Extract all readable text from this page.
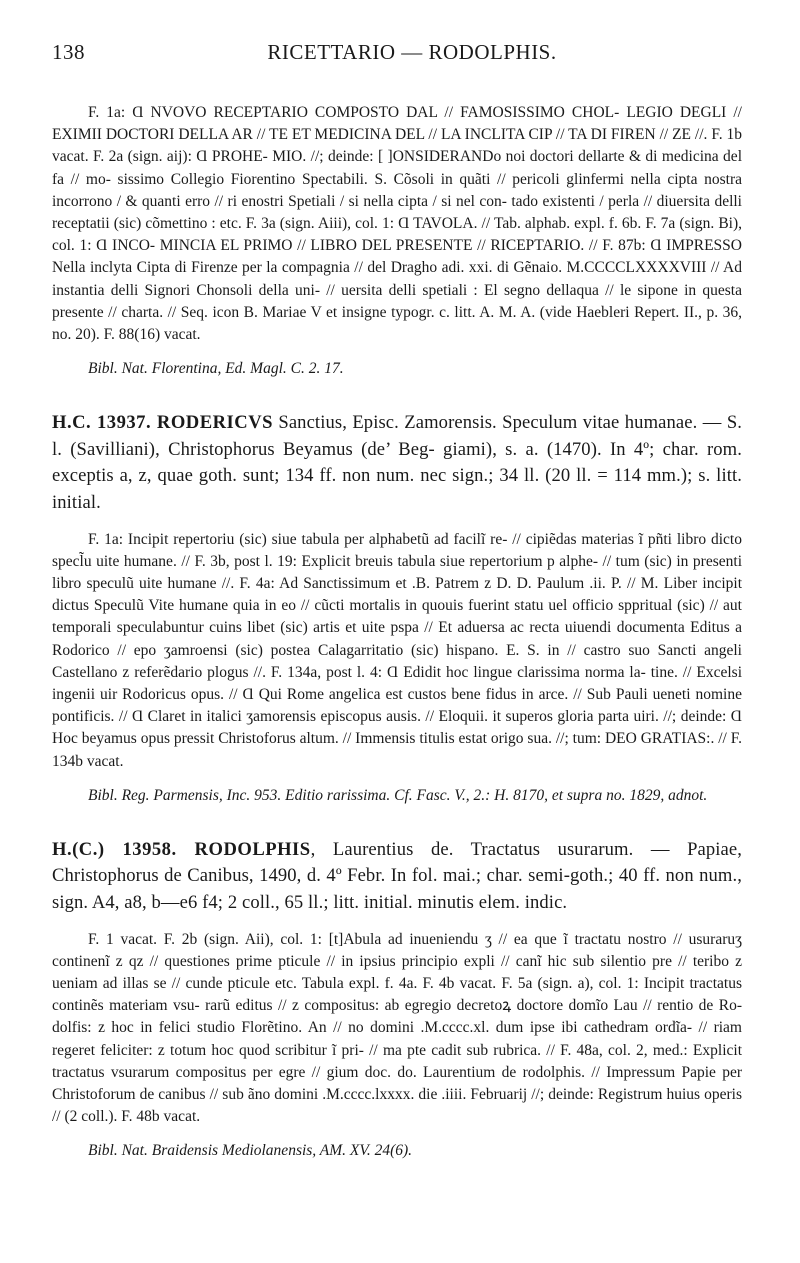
138	RICETTARIO — RODOLPHIS.

F. 1a: Ɑ NVOVO RECEPTARIO COMPOSTO DAL // FAMOSISSIMO CHOL- LEGIO DEGLI // EXIMII DOCTORI DELLA AR // TE ET MEDICINA DEL // LA INCLITA CIP // TA DI FIREN // ZE //. F. 1b vacat. F. 2a (sign. aij): Ɑ PROHE- MIO. //; deinde: [ ]ONSIDERANDo noi doctori dellarte & di medicina del fa // mo- sissimo Collegio Fiorentino Spectabili. S. Cõsoli in quãti // pericoli glinfermi nella cipta nostra incorrono / & quanti erro // ri enostri Spetiali / si nella cipta / si nel con- tado existenti / perla // diuersita delli receptatii (sic) cõmettino : etc. F. 3a (sign. Aiii), col. 1: Ɑ TAVOLA. // Tab. alphab. expl. f. 6b. F. 7a (sign. Bi), col. 1: Ɑ INCO- MINCIA EL PRIMO // LIBRO DEL PRESENTE // RICEPTARIO. // F. 87b: Ɑ IMPRESSO Nella inclyta Cipta di Firenze per la compagnia // del Dragho adi. xxi. di Gẽnaio. M.CCCCLXXXXVIII // Ad instantia delli Signori Chonsoli della uni- // uersita delli spetiali : El segno dellaqua // le sipone in questa presente // charta. // Seq. icon B. Mariae V et insigne typogr. c. litt. A. M. A. (vide Haebleri Repert. II., p. 36, no. 20). F. 88(16) vacat.

Bibl. Nat. Florentina, Ed. Magl. C. 2. 17.

H.C. 13937. RODERICVS Sanctius, Episc. Zamorensis. Speculum vitae humanae. — S. l. (Savilliani), Christophorus Beyamus (de’ Beg- giami), s. a. (1470). In 4º; char. rom. exceptis a, z, quae goth. sunt; 134 ff. non num. nec sign.; 34 ll. (20 ll. = 114 mm.); s. litt. initial.

F. 1a: Incipit repertoriu (sic) siue tabula per alphabetũ ad facilĩ re- // cipiẽdas materias ĩ pñti libro dicto specl̃u uite humane. // F. 3b, post l. 19: Explicit breuis tabula siue repertorium p alphe- // tum (sic) in presenti libro speculũ uite humane //. F. 4a: Ad Sanctissimum et .B. Patrem z D. D. Paulum .ii. P. // M. Liber incipit dictus Speculũ Vite humane quia in eo // cũcti mortalis in quouis fuerint statu uel officio sppritual (sic) // aut temporali speculabuntur cuins libet (sic) artis et uite pspa // Et aduersa ac recta uiuendi documenta Editus a Rodorico // epo ʒamroensi (sic) postea Calagarritatio (sic) hispano. E. S. in // castro suo Sancti angeli Castellano z referẽdario plogus //. F. 134a, post l. 4: Ɑ Edidit hoc lingue clarissima norma la- tine. // Excelsi ingenii uir Rodoricus opus. // Ɑ Qui Rome angelica est custos bene fidus in arce. // Sub Pauli ueneti nomine pontificis. // Ɑ Claret in italici ʒamorensis episcopus ausis. // Eloquii. it superos gloria parta uiri. //; deinde: Ɑ Hoc beyamus opus pressit Christoforus altum. // Immensis titulis estat origo sua. //; tum: DEO GRATIAS:. // F. 134b vacat.

Bibl. Reg. Parmensis, Inc. 953. Editio rarissima. Cf. Fasc. V., 2.: H. 8170, et supra no. 1829, adnot.

H.(C.) 13958. RODOLPHIS, Laurentius de. Tractatus usurarum. — Papiae, Christophorus de Canibus, 1490, d. 4º Febr. In fol. mai.; char. semi-goth.; 40 ff. non num., sign. A4, a8, b—e6 f4; 2 coll., 65 ll.; litt. initial. minutis elem. indic.

F. 1 vacat. F. 2b (sign. Aii), col. 1: [t]Abula ad inueniendu ʒ // ea que ĩ tractatu nostro // usuraruʒ continenĩ z qz // questiones prime pticule // in ipsius principio expli // canĩ hic sub silentio pre // teribo z ueniam ad illas se // cunde pticule etc. Tabula expl. f. 4a. F. 4b vacat. F. 5a (sign. a), col. 1: Incipit tractatus continẽs materiam vsu- rarũ editus // z compositus: ab egregio decretoꝝ doctore domĩo Lau // rentio de Ro- dolfis: z hoc in felici studio Florẽtino. An // no domini .M.cccc.xl. dum ipse ibi cathedram ordĩa- // riam regeret feliciter: z totum hoc quod scribitur ĩ pri- // ma pte cadit sub rubrica. // F. 48a, col. 2, med.: Explicit tractatus vsurarum compositus per egre // gium doc. do. Laurentium de rodolphis. // Impressum Papie per Christoforum de canibus // sub ãno domini .M.cccc.lxxxx. die .iiii. Februarij //; deinde: Registrum huius operis // (2 coll.). F. 48b vacat.

Bibl. Nat. Braidensis Mediolanensis, AM. XV. 24(6).
